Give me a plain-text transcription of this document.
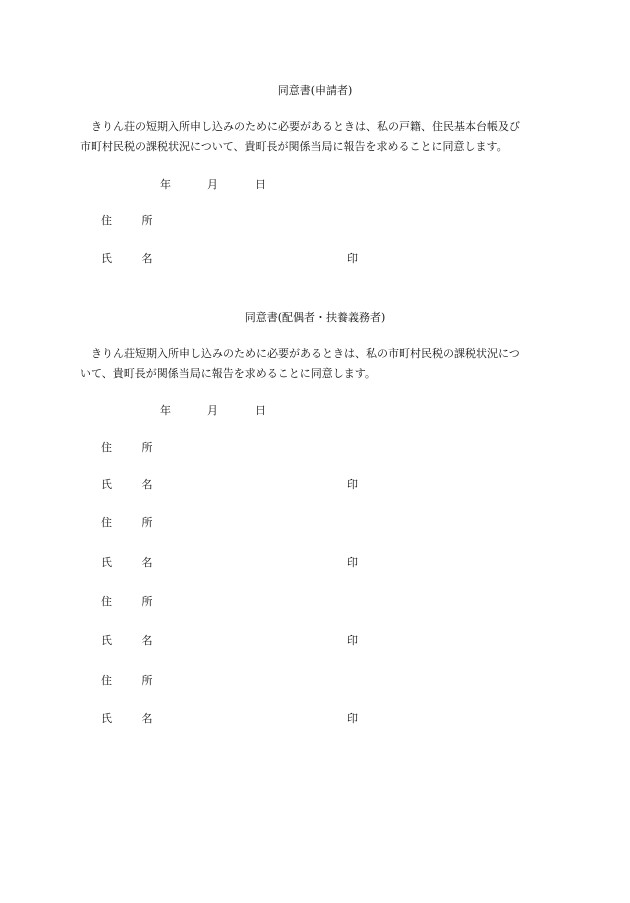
同意書(申請者)
　きりん荘の短期入所申し込みのために必要があるときは、私の戸籍、住民基本台帳及び
市町村民税の課税状況について、貴町長が関係当局に報告を求めることに同意します。
年	月	日
住 所
氏 名	印
同意書(配偶者・扶養義務者)
　きりん荘短期入所申し込みのために必要があるときは、私の市町村民税の課税状況につ
いて、貴町長が関係当局に報告を求めることに同意します。
年	月	日
住 所
氏 名	印
住 所
氏 名	印
住 所
氏 名	印
住 所
氏 名	印
